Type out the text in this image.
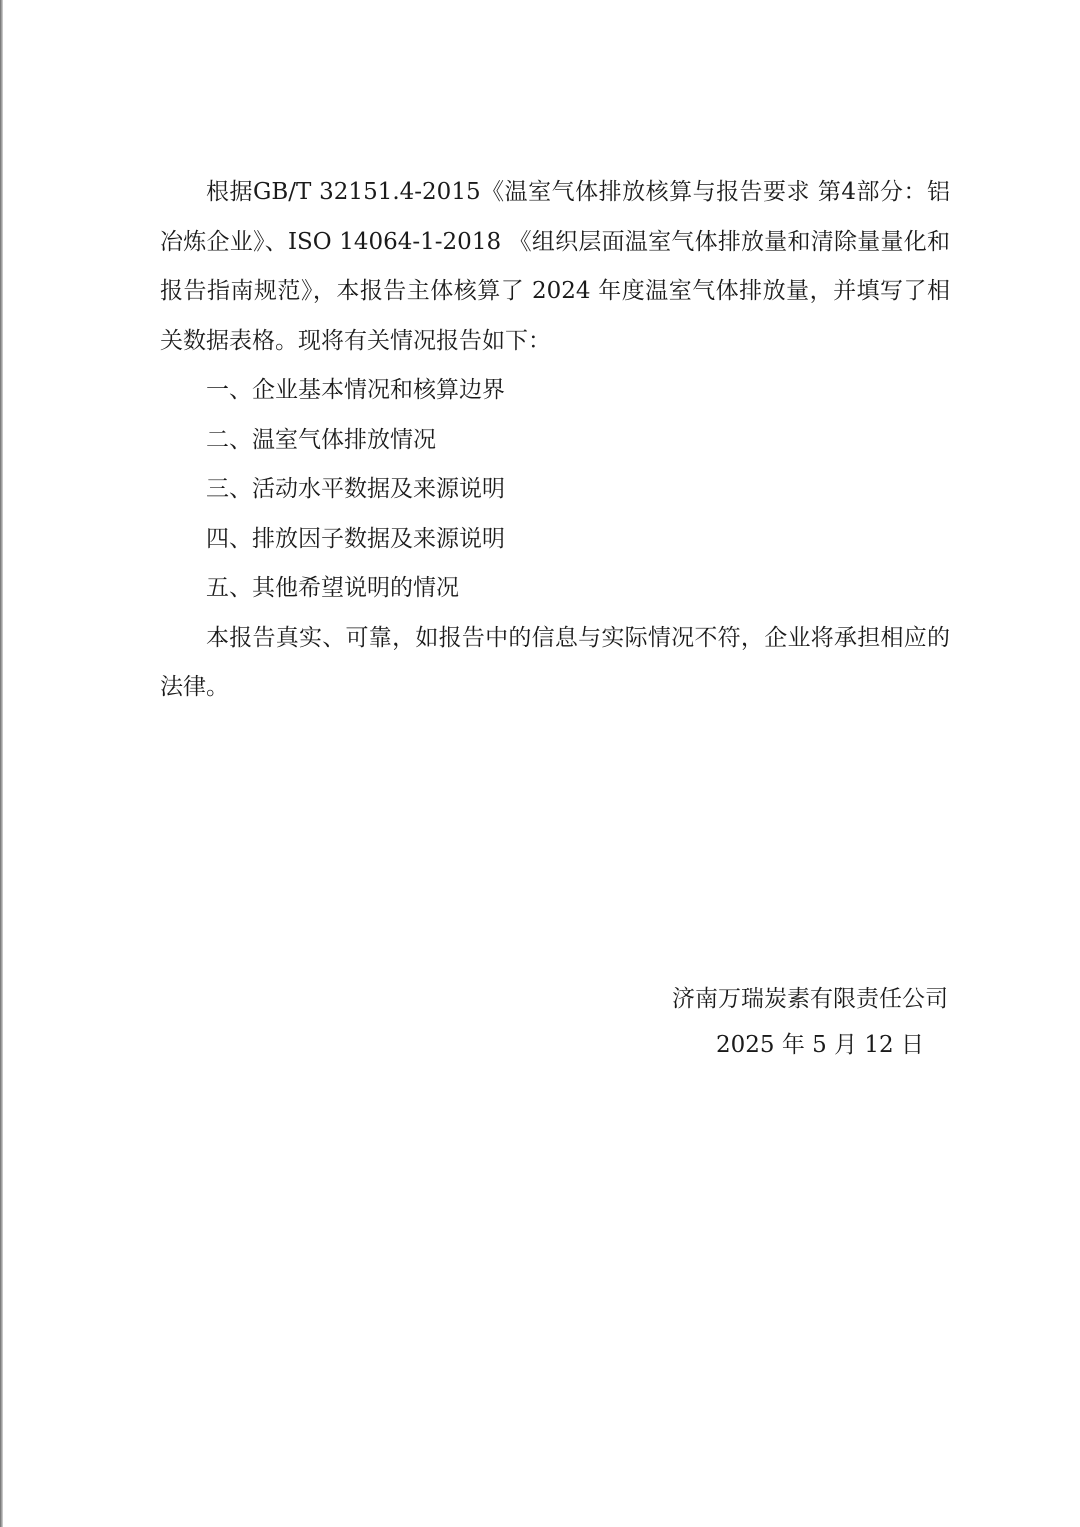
根据GB/T 32151.4-2015《温室气体排放核算与报告要求 第4部分：铝冶炼企业》、ISO 14064-1-2018 《组织层面温室气体排放量和清除量量化和报告指南规范》，本报告主体核算了 2024 年度温室气体排放量，并填写了相关数据表格。现将有关情况报告如下：

一、企业基本情况和核算边界

二、温室气体排放情况

三、活动水平数据及来源说明

四、排放因子数据及来源说明

五、其他希望说明的情况

本报告真实、可靠，如报告中的信息与实际情况不符，企业将承担相应的法律。

济南万瑞炭素有限责任公司
2025 年 5 月 12 日
